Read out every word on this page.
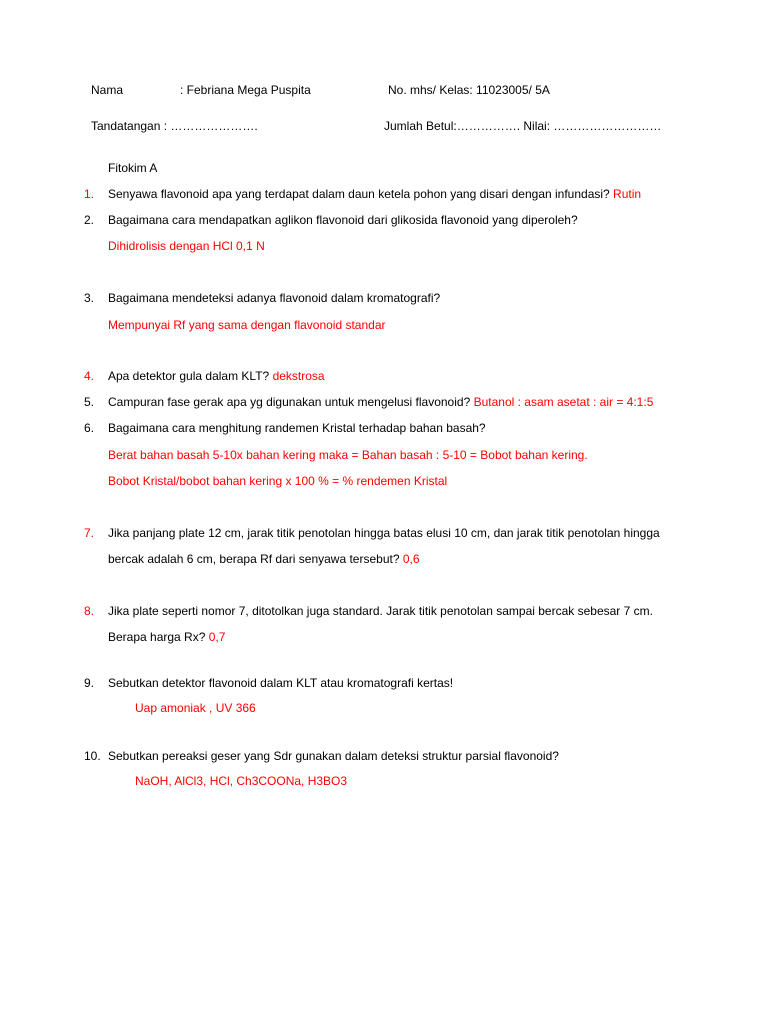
Nama	: Febriana Mega Puspita	No. mhs/ Kelas: 11023005/ 5A
Tandatangan : ………………….	Jumlah Betul:……………. Nilai: ………………………
Fitokim A
1.	Senyawa flavonoid apa yang terdapat dalam daun ketela pohon yang disari dengan infundasi? Rutin
2.	Bagaimana cara mendapatkan aglikon flavonoid dari glikosida flavonoid yang diperoleh?
Dihidrolisis dengan HCl 0,1 N
3.	Bagaimana mendeteksi adanya flavonoid dalam kromatografi?
Mempunyai Rf yang sama dengan flavonoid standar
4.	Apa detektor gula dalam KLT? dekstrosa
5.	Campuran fase gerak apa yg digunakan untuk mengelusi flavonoid? Butanol : asam asetat : air = 4:1:5
6.	Bagaimana cara menghitung randemen Kristal terhadap bahan basah?
Berat bahan basah 5-10x bahan kering maka = Bahan basah : 5-10 = Bobot bahan kering.
Bobot Kristal/bobot bahan kering x 100 % = % rendemen Kristal
7.	Jika panjang plate 12 cm, jarak titik penotolan hingga batas elusi 10 cm, dan jarak titik penotolan hingga
bercak adalah 6 cm, berapa Rf dari senyawa tersebut? 0,6
8.	Jika plate seperti nomor 7, ditotolkan juga standard. Jarak titik penotolan sampai bercak sebesar 7 cm.
Berapa harga Rx? 0,7
9.	Sebutkan detektor flavonoid dalam KLT atau kromatografi kertas!
Uap amoniak , UV 366
10. Sebutkan pereaksi geser yang Sdr gunakan dalam deteksi struktur parsial flavonoid?
NaOH, AlCl3, HCl, Ch3COONa, H3BO3
